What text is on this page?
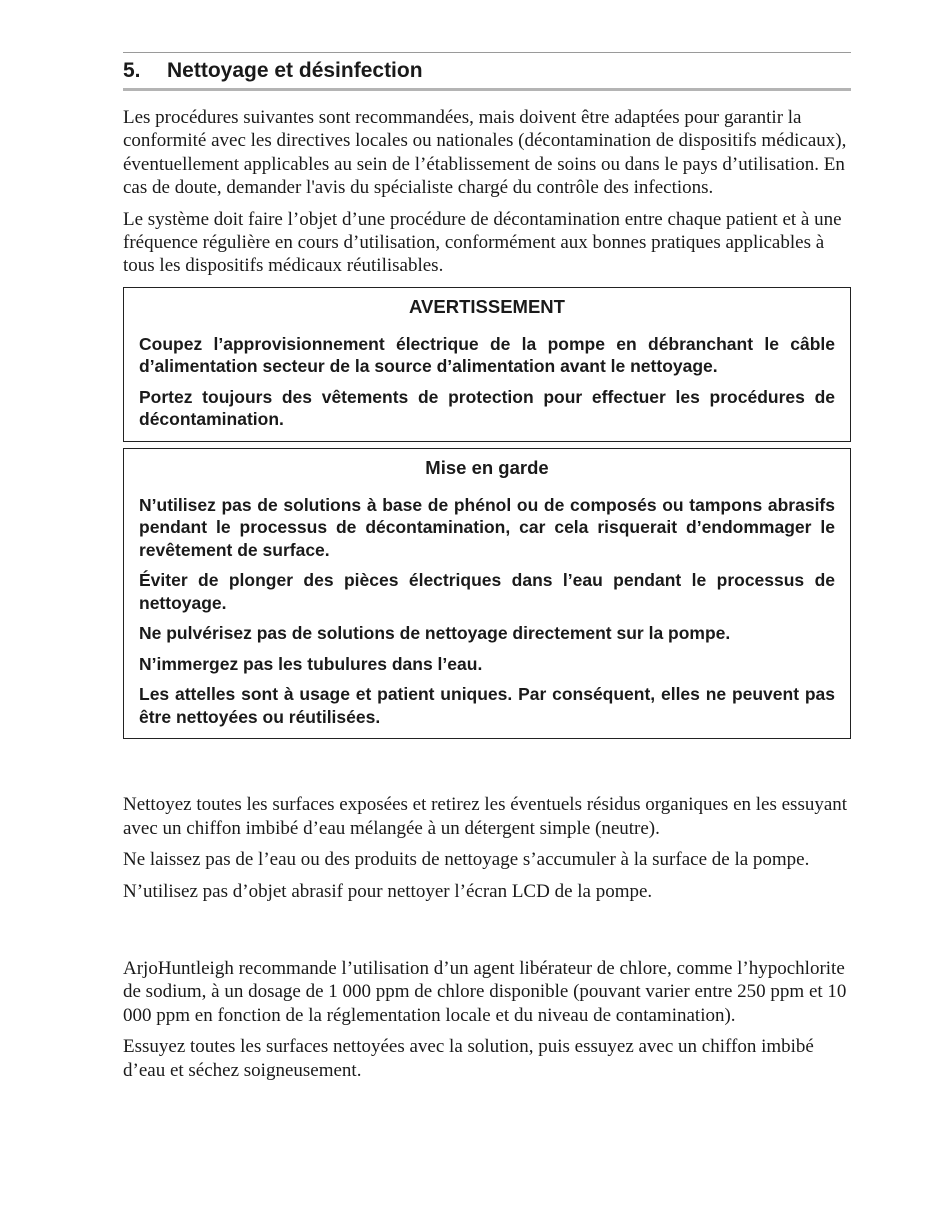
5. Nettoyage et désinfection

Les procédures suivantes sont recommandées, mais doivent être adaptées pour garantir la conformité avec les directives locales ou nationales (décontamination de dispositifs médicaux), éventuellement applicables au sein de l’établissement de soins ou dans le pays d’utilisation. En cas de doute, demander l'avis du spécialiste chargé du contrôle des infections.

Le système doit faire l’objet d’une procédure de décontamination entre chaque patient et à une fréquence régulière en cours d’utilisation, conformément aux bonnes pratiques applicables à tous les dispositifs médicaux réutilisables.

AVERTISSEMENT

Coupez l’approvisionnement électrique de la pompe en débranchant le câble d’alimentation secteur de la source d’alimentation avant le nettoyage.

Portez toujours des vêtements de protection pour effectuer les procédures de décontamination.

Mise en garde

N’utilisez pas de solutions à base de phénol ou de composés ou tampons abrasifs pendant le processus de décontamination, car cela risquerait d’endommager le revêtement de surface.

Éviter de plonger des pièces électriques dans l’eau pendant le processus de nettoyage.

Ne pulvérisez pas de solutions de nettoyage directement sur la pompe.

N’immergez pas les tubulures dans l’eau.

Les attelles sont à usage et patient uniques. Par conséquent, elles ne peuvent pas être nettoyées ou réutilisées.

Nettoyez toutes les surfaces exposées et retirez les éventuels résidus organiques en les essuyant avec un chiffon imbibé d’eau mélangée à un détergent simple (neutre).

Ne laissez pas de l’eau ou des produits de nettoyage s’accumuler à la surface de la pompe.

N’utilisez pas d’objet abrasif pour nettoyer l’écran LCD de la pompe.

ArjoHuntleigh recommande l’utilisation d’un agent libérateur de chlore, comme l’hypochlorite de sodium, à un dosage de 1 000 ppm de chlore disponible (pouvant varier entre 250 ppm et 10 000 ppm en fonction de la réglementation locale et du niveau de contamination).

Essuyez toutes les surfaces nettoyées avec la solution, puis essuyez avec un chiffon imbibé d’eau et séchez soigneusement.
